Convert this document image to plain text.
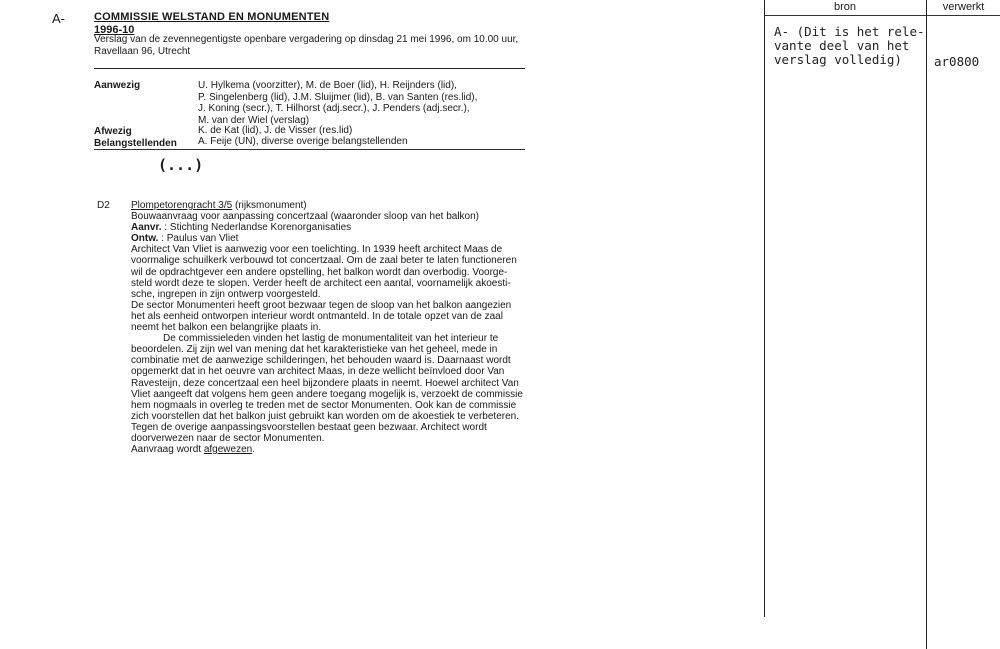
A-	COMMISSIE WELSTAND EN MONUMENTEN
1996-10
Verslag van de zevennegentigste openbare vergadering op dinsdag 21 mei 1996, om 10.00 uur, Ravellaan 96, Utrecht
Aanwezig	U. Hylkema (voorzitter), M. de Boer (lid), H. Reijnders (lid),
P. Singelenberg (lid), J.M. Sluijmer (lid), B. van Santen (res.lid),
J. Koning (secr.), T. Hilhorst (adj.secr.), J. Penders (adj.secr.),
M. van der Wiel (verslag)
Afwezig	K. de Kat (lid), J. de Visser (res.lid)
Belangstellenden A. Feije (UN), diverse overige belangstellenden
(...)
D2 Plompetorengracht 3/5 (rijksmonument)
Bouwaanvraag voor aanpassing concertzaal (waaronder sloop van het balkon)
Aanvr. : Stichting Nederlandse Korenorganisaties
Ontw. : Paulus van Vliet
Architect Van Vliet is aanwezig voor een toelichting. In 1939 heeft architect Maas de
voormalige schuilkerk verbouwd tot concertzaal. Om de zaal beter te laten functioneren
wil de opdrachtgever een andere opstelling, het balkon wordt dan overbodig. Voorge-
steld wordt deze te slopen. Verder heeft de architect een aantal, voornamelijk akoesti-
sche, ingrepen in zijn ontwerp voorgesteld.
De sector Monumenteri heeft groot bezwaar tegen de sloop van het balkon aangezien
het als eenheid ontworpen interieur wordt ontmanteld. In de totale opzet van de zaal
neemt het balkon een belangrijke plaats in.
De commissieleden vinden het lastig de monumentaliteit van het interieur te
beoordelen. Zij zijn wel van mening dat het karakteristieke van het geheel, mede in
combinatie met de aanwezige schilderingen, het behouden waard is. Daarnaast wordt
opgemerkt dat in het oeuvre van architect Maas, in deze wellicht beïnvloed door Van
Ravesteijn, deze concertzaal een heel bijzondere plaats in neemt. Hoewel architect Van
Vliet aangeeft dat volgens hem geen andere toegang mogelijk is, verzoekt de commissie
hem nogmaals in overleg te treden met de sector Monumenten. Ook kan de commissie
zich voorstellen dat het balkon juist gebruikt kan worden om de akoestiek te verbeteren.
Tegen de overige aanpassingsvoorstellen bestaat geen bezwaar. Architect wordt
doorverwezen naar de sector Monumenten.
Aanvraag wordt afgewezen.
bron	verwerkt
A- (Dit is het rele-
vante deel van het
verslag volledig)	ar0800
